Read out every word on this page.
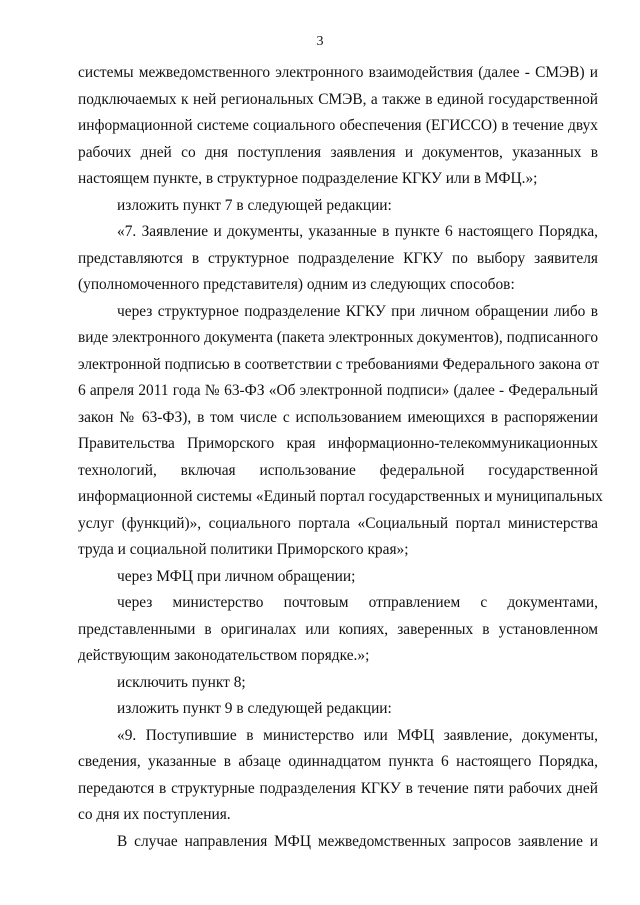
3
системы межведомственного электронного взаимодействия (далее - СМЭВ) и
подключаемых к ней региональных СМЭВ, а также в единой государственной
информационной системе социального обеспечения (ЕГИССО) в течение двух
рабочих дней со дня поступления заявления и документов, указанных в
настоящем пункте, в структурное подразделение КГКУ или в МФЦ.»;
изложить пункт 7 в следующей редакции:
«7. Заявление и документы, указанные в пункте 6 настоящего Порядка,
представляются в структурное подразделение КГКУ по выбору заявителя
(уполномоченного представителя) одним из следующих способов:
через структурное подразделение КГКУ при личном обращении либо в
виде электронного документа (пакета электронных документов), подписанного
электронной подписью в соответствии с требованиями Федерального закона от
6 апреля 2011 года № 63-ФЗ «Об электронной подписи» (далее - Федеральный
закон № 63-ФЗ), в том числе с использованием имеющихся в распоряжении
Правительства Приморского края информационно-телекоммуникационных
технологий, включая использование федеральной государственной
информационной системы «Единый портал государственных и муниципальных
услуг (функций)», социального портала «Социальный портал министерства
труда и социальной политики Приморского края»;
через МФЦ при личном обращении;
через министерство почтовым отправлением с документами,
представленными в оригиналах или копиях, заверенных в установленном
действующим законодательством порядке.»;
исключить пункт 8;
изложить пункт 9 в следующей редакции:
«9. Поступившие в министерство или МФЦ заявление, документы,
сведения, указанные в абзаце одиннадцатом пункта 6 настоящего Порядка,
передаются в структурные подразделения КГКУ в течение пяти рабочих дней
со дня их поступления.
В случае направления МФЦ межведомственных запросов заявление и
